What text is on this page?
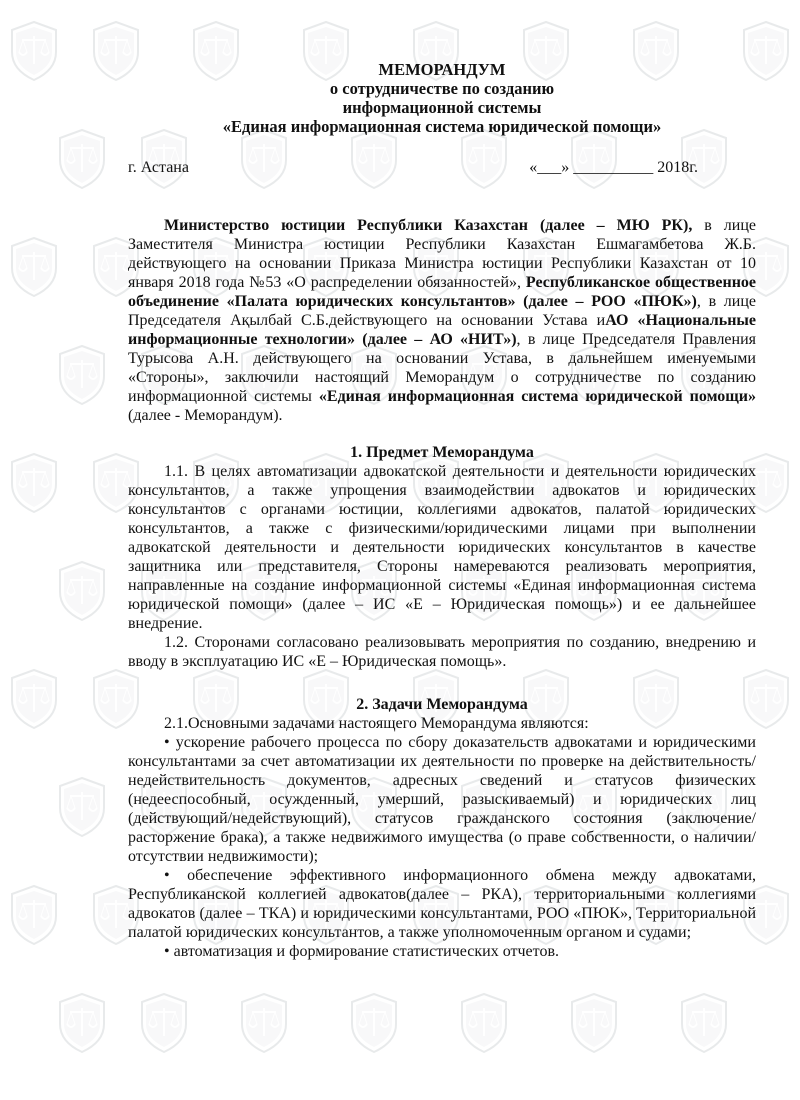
МЕМОРАНДУМ
о сотрудничестве по созданию
информационной системы
«Единая информационная система юридической помощи»
г. Астана	«___» __________ 2018г.

Министерство юстиции Республики Казахстан (далее – МЮ РК), в лице Заместителя Министра юстиции Республики Казахстан Ешмагамбетова Ж.Б. действующего на основании Приказа Министра юстиции Республики Казахстан от 10 января 2018 года №53 «О распределении обязанностей», Республиканское общественное объединение «Палата юридических консультантов» (далее – РОО «ПЮК»), в лице Председателя Ақылбай С.Б.действующего на основании Устава иАО «Национальные информационные технологии» (далее – АО «НИТ»), в лице Председателя Правления Турысова А.Н. действующего на основании Устава, в дальнейшем именуемыми «Стороны», заключили настоящий Меморандум о сотрудничестве по созданию информационной системы «Единая информационная система юридической помощи» (далее - Меморандум).

1. Предмет Меморандума

1.1. В целях автоматизации адвокатской деятельности и деятельности юридических консультантов, а также упрощения взаимодействии адвокатов и юридических консультантов с органами юстиции, коллегиями адвокатов, палатой юридических консультантов, а также с физическими/юридическими лицами при выполнении адвокатской деятельности и деятельности юридических консультантов в качестве защитника или представителя, Стороны намереваются реализовать мероприятия, направленные на создание информационной системы «Единая информационная система юридической помощи» (далее – ИС «Е – Юридическая помощь») и ее дальнейшее внедрение.

1.2. Сторонами согласовано реализовывать мероприятия по созданию, внедрению и вводу в эксплуатацию ИС «Е – Юридическая помощь».

2. Задачи Меморандума

2.1.Основными задачами настоящего Меморандума являются:

• ускорение рабочего процесса по сбору доказательств адвокатами и юридическими консультантами за счет автоматизации их деятельности по проверке на действительность/недействительность документов, адресных сведений и статусов физических (недееспособный, осужденный, умерший, разыскиваемый) и юридических лиц (действующий/недействующий), статусов гражданского состояния (заключение/расторжение брака), а также недвижимого имущества (о праве собственности, о наличии/отсутствии недвижимости);

• обеспечение эффективного информационного обмена между адвокатами, Республиканской коллегией адвокатов(далее – РКА), территориальными коллегиями адвокатов (далее – ТКА) и юридическими консультантами, РОО «ПЮК», Территориальной палатой юридических консультантов, а также уполномоченным органом и судами;

• автоматизация и формирование статистических отчетов.
